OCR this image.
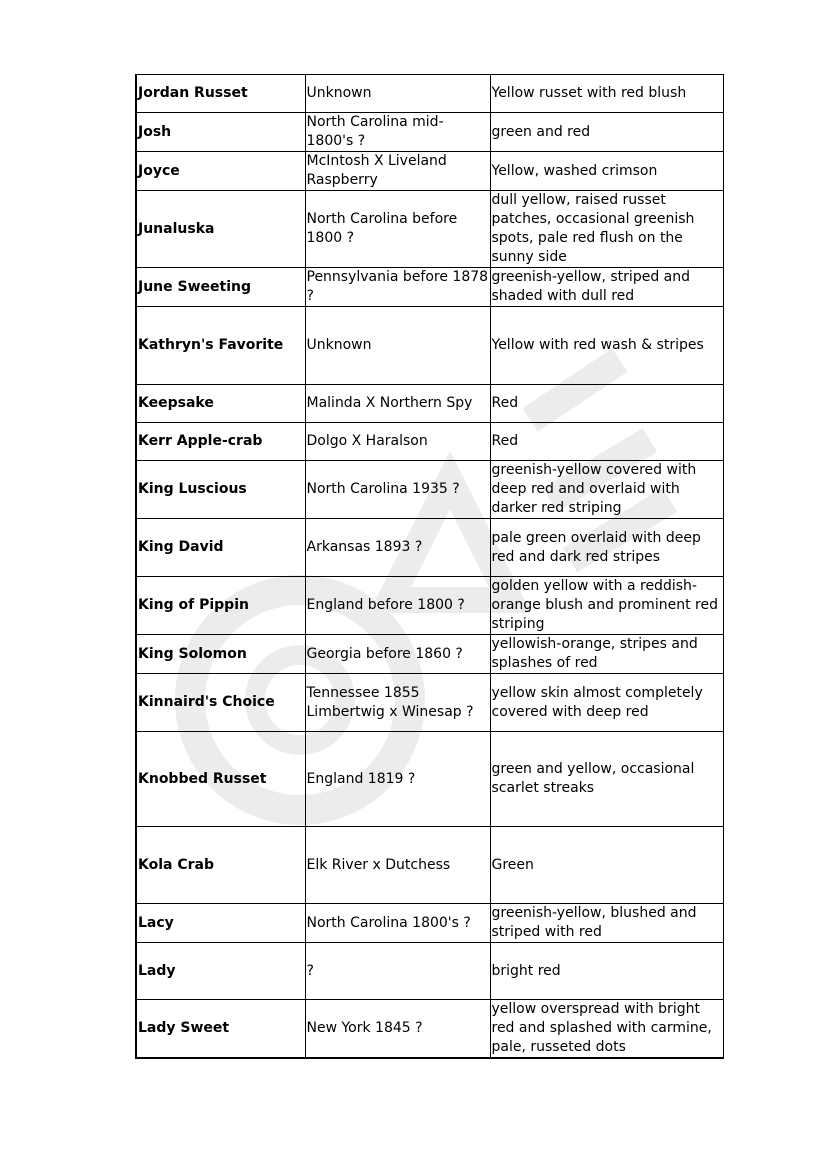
Jordan Russet	Unknown	Yellow russet with red blush
Josh	North Carolina mid-1800's ?	green and red
Joyce	McIntosh X Liveland Raspberry	Yellow, washed crimson
Junaluska	North Carolina before 1800 ?	dull yellow, raised russet patches, occasional greenish spots, pale red flush on the sunny side
June Sweeting	Pennsylvania before 1878 ?	greenish-yellow, striped and shaded with dull red
Kathryn's Favorite	Unknown	Yellow with red wash & stripes
Keepsake	Malinda X Northern Spy	Red
Kerr Apple-crab	Dolgo X Haralson	Red
King Luscious	North Carolina 1935 ?	greenish-yellow covered with deep red and overlaid with darker red striping
King David	Arkansas 1893 ?	pale green overlaid with deep red and dark red stripes
King of Pippin	England before 1800 ?	golden yellow with a reddish-orange blush and prominent red striping
King Solomon	Georgia before 1860 ?	yellowish-orange, stripes and splashes of red
Kinnaird's Choice	Tennessee 1855 Limbertwig x Winesap ?	yellow skin almost completely covered with deep red
Knobbed Russet	England 1819 ?	green and yellow, occasional scarlet streaks
Kola Crab	Elk River x Dutchess	Green
Lacy	North Carolina 1800's ?	greenish-yellow, blushed and striped with red
Lady	?	bright red
Lady Sweet	New York 1845 ?	yellow overspread with bright red and splashed with carmine, pale, russeted dots
